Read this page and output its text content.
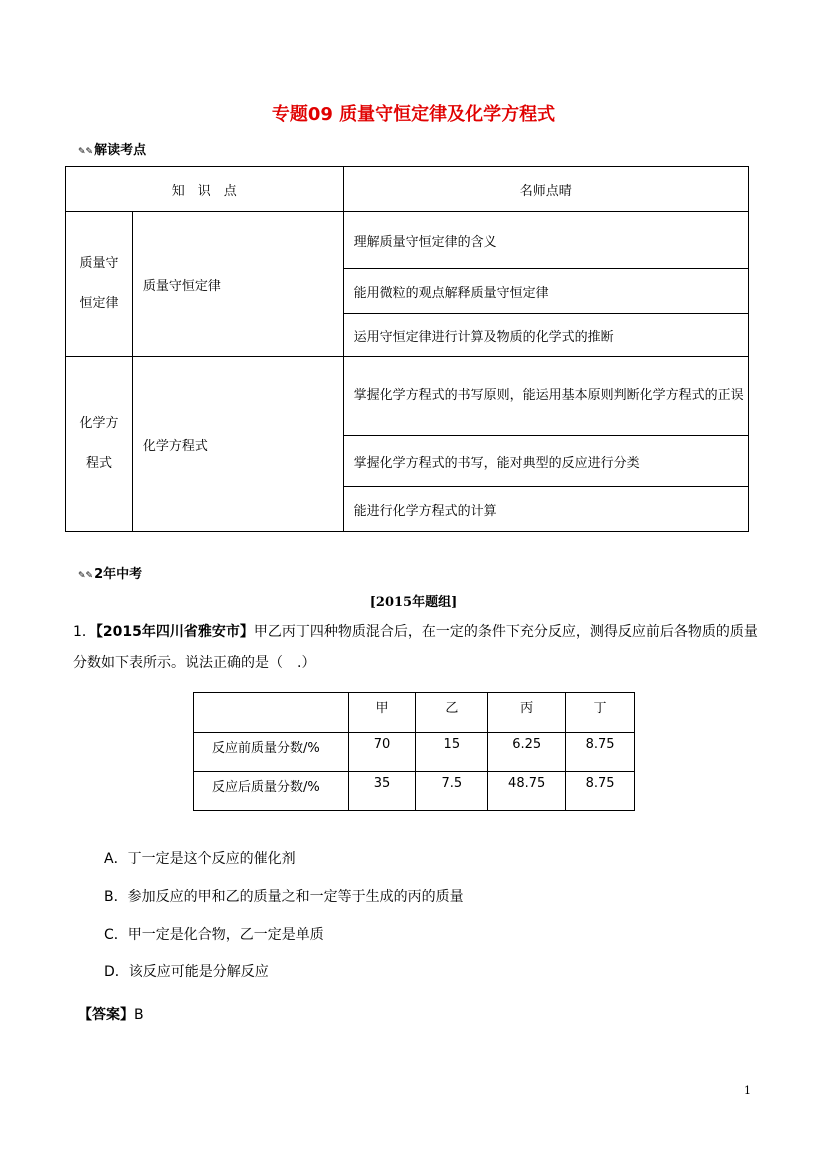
专题09 质量守恒定律及化学方程式
✎✎解读考点
知　识　点		名师点晴

质量守
恒定律	质量守恒定律	理解质量守恒定律的含义
		能用微粒的观点解释质量守恒定律
		运用守恒定律进行计算及物质的化学式的推断

化学方
程式	化学方程式	掌握化学方程式的书写原则，能运用基本原则判断化学方程式的正误
		掌握化学方程式的书写，能对典型的反应进行分类
		能进行化学方程式的计算
✎✎2年中考
[2015年题组]
1．【2015年四川省雅安市】甲乙丙丁四种物质混合后，在一定的条件下充分反应，测得反应前后各物质的质量分数如下表所示。说法正确的是（　.）
	甲	乙	丙	丁
反应前质量分数/%	70	15	6.25	8.75
反应后质量分数/%	35	7.5	48.75	8.75
A．丁一定是这个反应的催化剂
B．参加反应的甲和乙的质量之和一定等于生成的丙的质量
C．甲一定是化合物，乙一定是单质
D．该反应可能是分解反应
【答案】B
1
